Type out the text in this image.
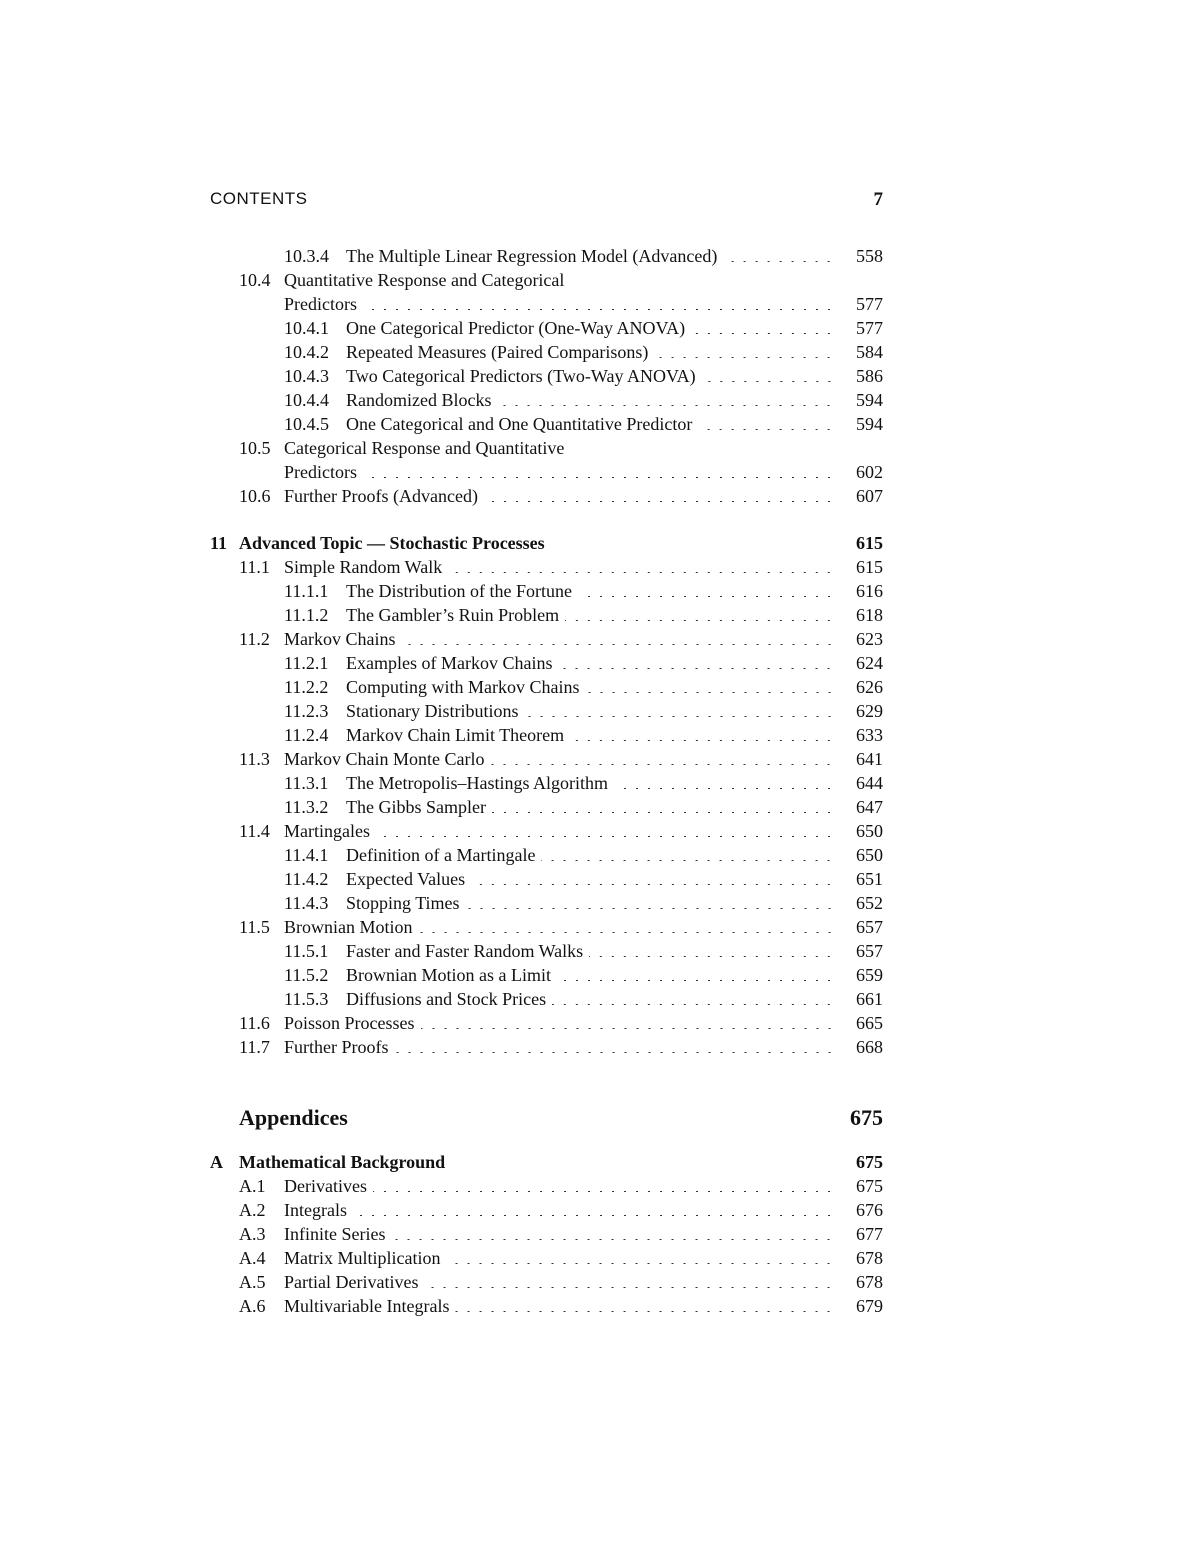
CONTENTS	7
10.3.4 The Multiple Linear Regression Model (Advanced)	558
10.4 Quantitative Response and Categorical
Predictors	577
10.4.1 One Categorical Predictor (One-Way ANOVA)	577
10.4.2 Repeated Measures (Paired Comparisons)	584
10.4.3 Two Categorical Predictors (Two-Way ANOVA)	586
10.4.4 Randomized Blocks	594
10.4.5 One Categorical and One Quantitative Predictor	594
10.5 Categorical Response and Quantitative
Predictors	602
10.6 Further Proofs (Advanced)	607
11 Advanced Topic — Stochastic Processes	615
11.1 Simple Random Walk	615
11.1.1 The Distribution of the Fortune	616
11.1.2 The Gambler’s Ruin Problem	618
11.2 Markov Chains	623
11.2.1 Examples of Markov Chains	624
11.2.2 Computing with Markov Chains	626
11.2.3 Stationary Distributions	629
11.2.4 Markov Chain Limit Theorem	633
11.3 Markov Chain Monte Carlo	641
11.3.1 The Metropolis–Hastings Algorithm	644
11.3.2 The Gibbs Sampler	647
11.4 Martingales	650
11.4.1 Definition of a Martingale	650
11.4.2 Expected Values	651
11.4.3 Stopping Times	652
11.5 Brownian Motion	657
11.5.1 Faster and Faster Random Walks	657
11.5.2 Brownian Motion as a Limit	659
11.5.3 Diffusions and Stock Prices	661
11.6 Poisson Processes	665
11.7 Further Proofs	668
Appendices	675
A Mathematical Background	675
A.1	Derivatives	675
A.2	Integrals	676
A.3	Infinite Series	677
A.4	Matrix Multiplication	678
A.5	Partial Derivatives	678
A.6	Multivariable Integrals	679
